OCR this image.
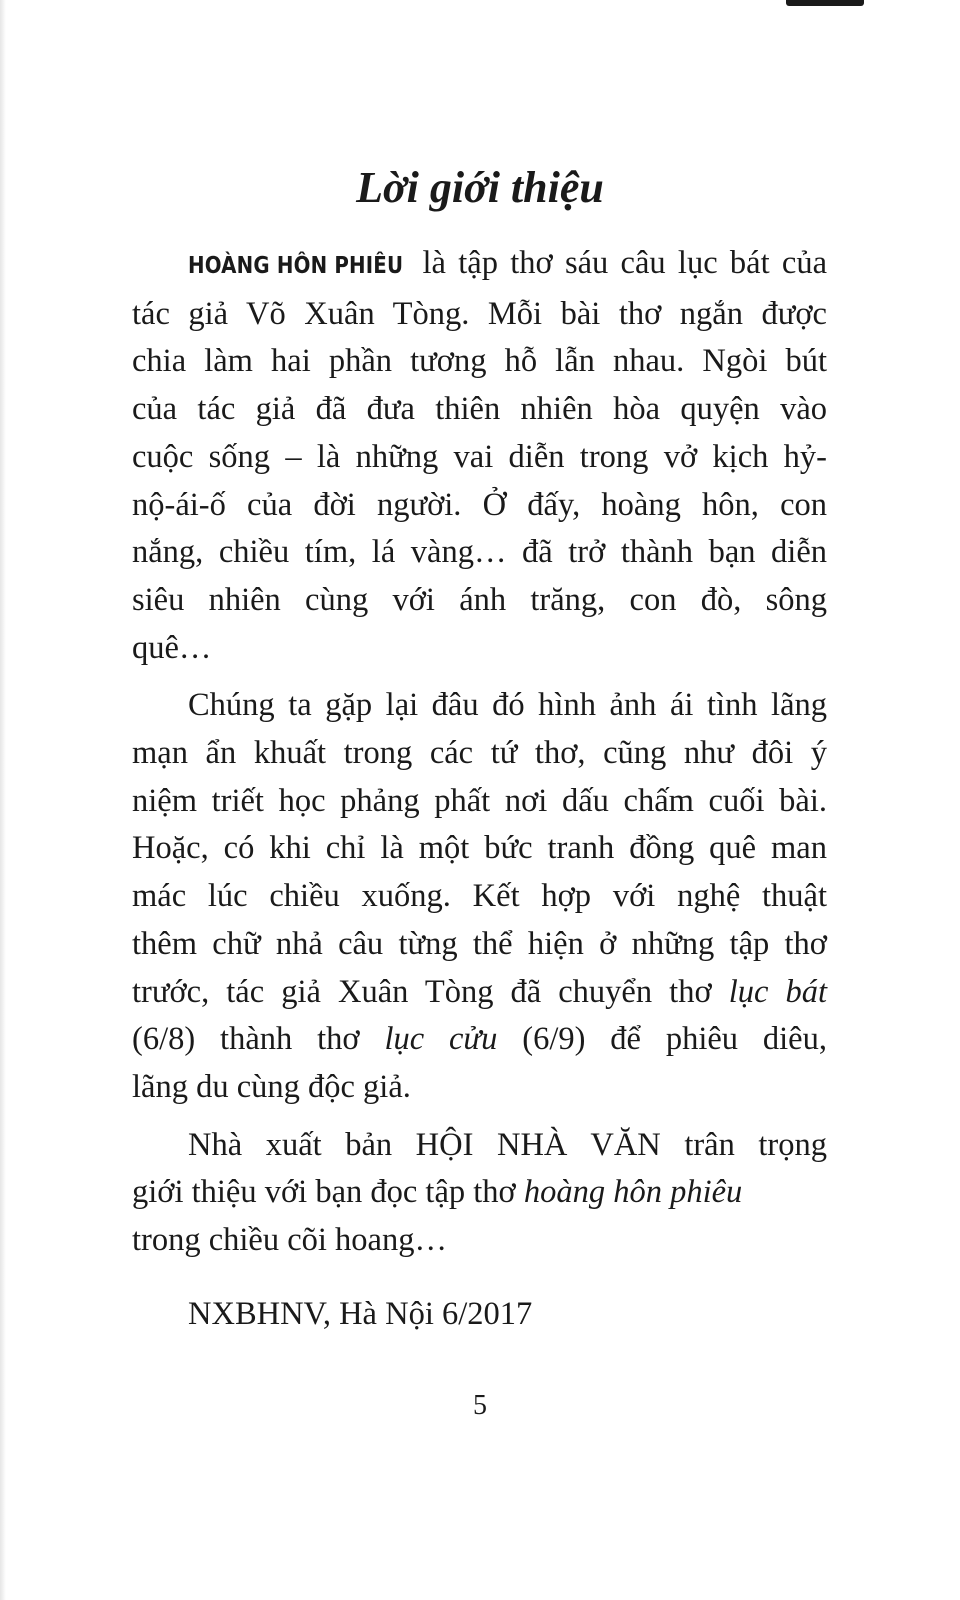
Lời giới thiệu
HOÀNG HÔN PHIÊU là tập thơ sáu câu lục bát của
tác giả Võ Xuân Tòng. Mỗi bài thơ ngắn được
chia làm hai phần tương hỗ lẫn nhau. Ngòi bút
của tác giả đã đưa thiên nhiên hòa quyện vào
cuộc sống – là những vai diễn trong vở kịch hỷ-
nộ-ái-ố của đời người. Ở đấy, hoàng hôn, con
nắng, chiều tím, lá vàng… đã trở thành bạn diễn
siêu nhiên cùng với ánh trăng, con đò, sông
quê…
Chúng ta gặp lại đâu đó hình ảnh ái tình lãng
mạn ẩn khuất trong các tứ thơ, cũng như đôi ý
niệm triết học phảng phất nơi dấu chấm cuối bài.
Hoặc, có khi chỉ là một bức tranh đồng quê man
mác lúc chiều xuống. Kết hợp với nghệ thuật
thêm chữ nhả câu từng thể hiện ở những tập thơ
trước, tác giả Xuân Tòng đã chuyển thơ lục bát
(6/8) thành thơ lục cửu (6/9) để phiêu diêu,
lãng du cùng độc giả.
Nhà xuất bản HỘI NHÀ VĂN trân trọng
giới thiệu với bạn đọc tập thơ hoàng hôn phiêu
trong chiều cõi hoang…
NXBHNV, Hà Nội 6/2017
5
